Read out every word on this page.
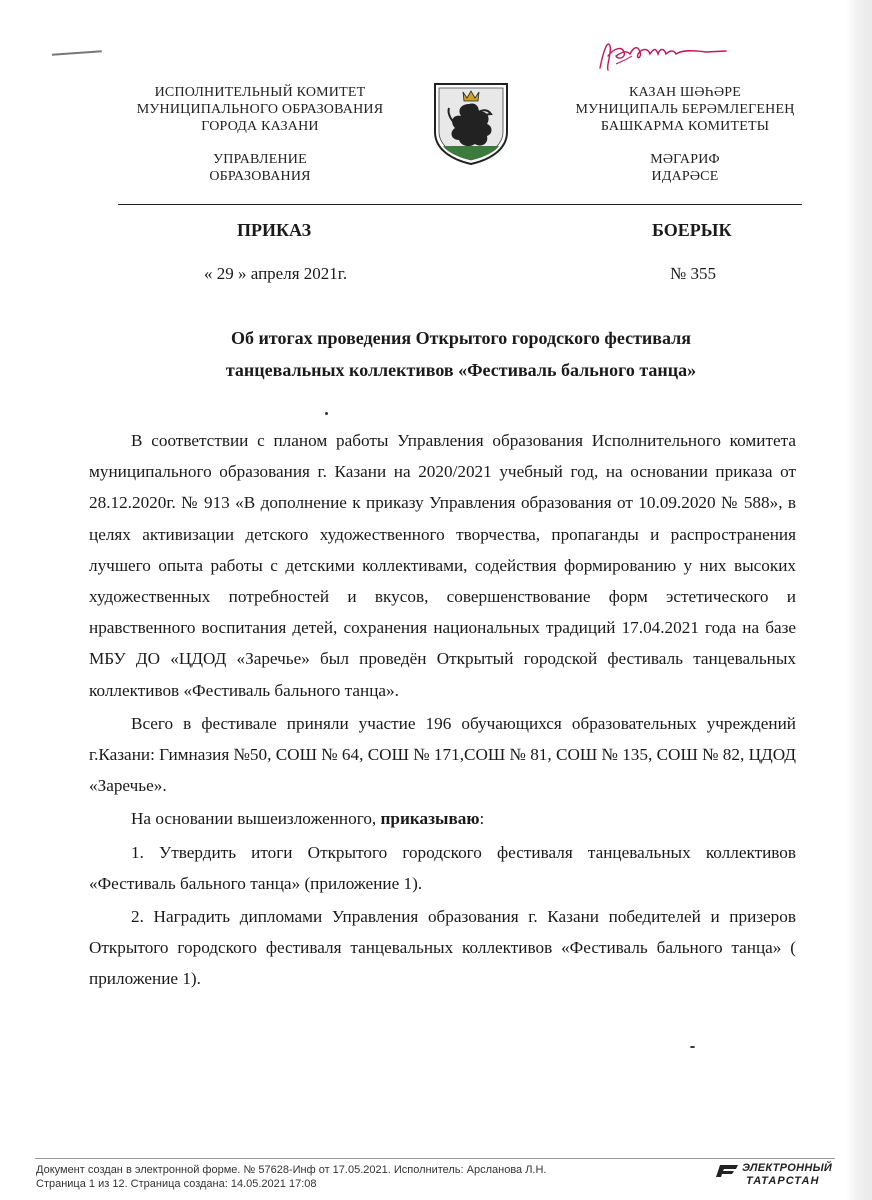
ИСПОЛНИТЕЛЬНЫЙ КОМИТЕТ
МУНИЦИПАЛЬНОГО ОБРАЗОВАНИЯ
ГОРОДА КАЗАНИ
УПРАВЛЕНИЕ
ОБРАЗОВАНИЯ
КАЗАН ШӘҺӘРЕ
МУНИЦИПАЛЬ БЕРӘМЛЕГЕНЕҢ
БАШКАРМА КОМИТЕТЫ
МӘГАРИФ
ИДАРӘСЕ
ПРИКАЗ	БОЕРЫК
« 29 » апреля 2021г.	№ 355
Об итогах проведения Открытого городского фестиваля
танцевальных коллективов «Фестиваль бального танца»

В соответствии с планом работы Управления образования Исполнительного комитета муниципального образования г. Казани на 2020/2021 учебный год, на основании приказа от 28.12.2020г. № 913 «В дополнение к приказу Управления образования от 10.09.2020 № 588», в целях активизации детского художественного творчества, пропаганды и распространения лучшего опыта работы с детскими коллективами, содействия формированию у них высоких художественных потребностей и вкусов, совершенствование форм эстетического и нравственного воспитания детей, сохранения национальных традиций 17.04.2021 года на базе МБУ ДО «ЦДОД «Заречье» был проведён Открытый городской фестиваль танцевальных коллективов «Фестиваль бального танца».

Всего в фестивале приняли участие 196 обучающихся образовательных учреждений г.Казани: Гимназия №50, СОШ № 64, СОШ № 171,СОШ № 81, СОШ № 135, СОШ № 82, ЦДОД «Заречье».

На основании вышеизложенного, приказываю:

1. Утвердить итоги Открытого городского фестиваля танцевальных коллективов «Фестиваль бального танца» (приложение 1).

2. Наградить дипломами Управления образования г. Казани победителей и призеров Открытого городского фестиваля танцевальных коллективов «Фестиваль бального танца» ( приложение 1).

Документ создан в электронной форме. № 57628-Инф от 17.05.2021. Исполнитель: Арсланова Л.Н.
Страница 1 из 12. Страница создана: 14.05.2021 17:08
ЭЛЕКТРОННЫЙ
ТАТАРСТАН
